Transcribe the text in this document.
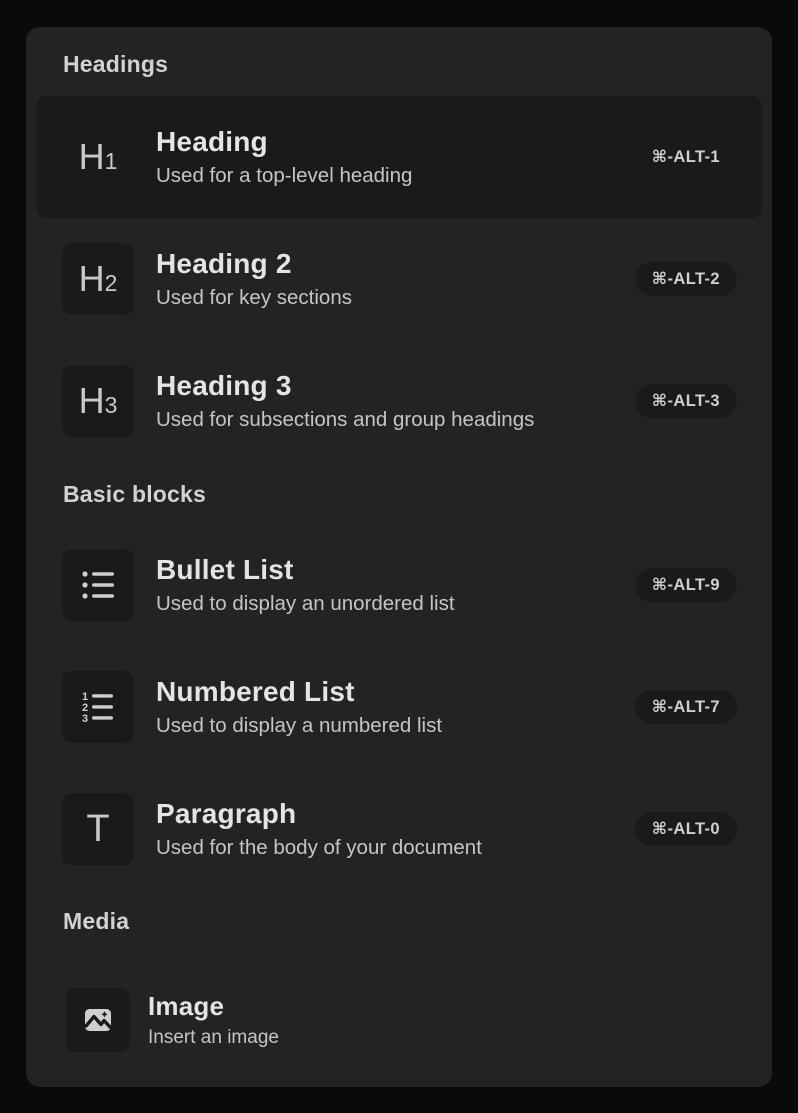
Headings
H 1
Heading
Used for a top-level heading
⌘-ALT-1
H 2
Heading 2
Used for key sections
⌘-ALT-2
H 3
Heading 3
Used for subsections and group headings
⌘-ALT-3
Basic blocks
Bullet List
Used to display an unordered list
⌘-ALT-9
1
2
3
Numbered List
Used to display a numbered list
⌘-ALT-7
T Paragraph
Used for the body of your document
⌘-ALT-0
Media
Image
Insert an image
